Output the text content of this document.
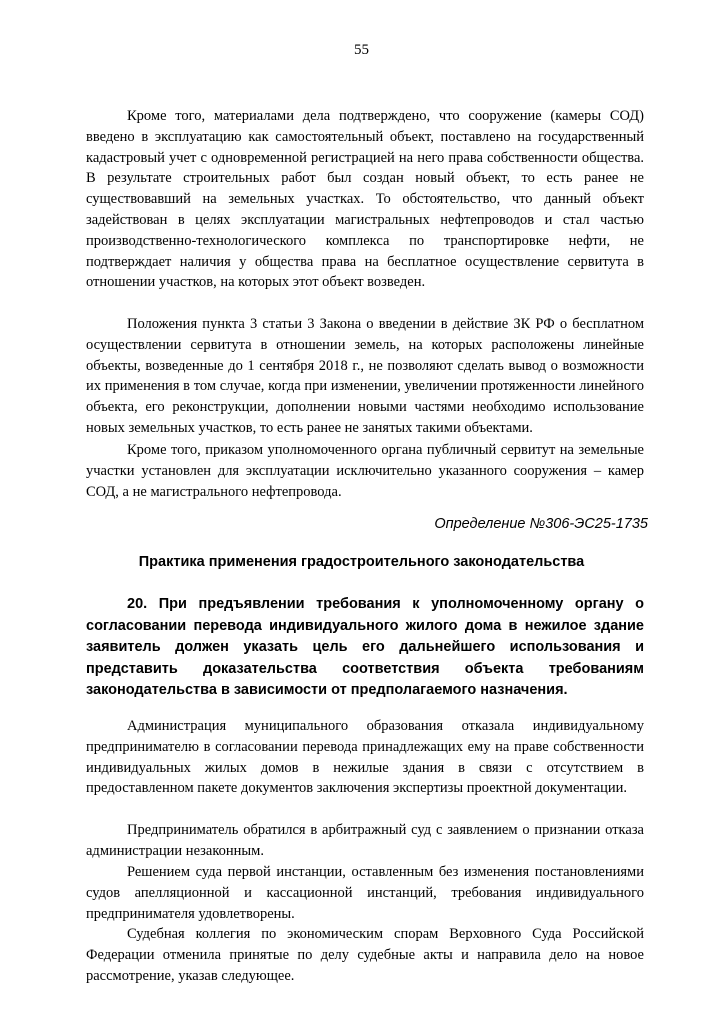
55

Кроме того, материалами дела подтверждено, что сооружение (камеры СОД) введено в эксплуатацию как самостоятельный объект, поставлено на государственный кадастровый учет с одновременной регистрацией на него права собственности общества. В результате строительных работ был создан новый объект, то есть ранее не существовавший на земельных участках. То обстоятельство, что данный объект задействован в целях эксплуатации магистральных нефтепроводов и стал частью производственно-технологического комплекса по транспортировке нефти, не подтверждает наличия у общества права на бесплатное осуществление сервитута в отношении участков, на которых этот объект возведен.

Положения пункта 3 статьи 3 Закона о введении в действие ЗК РФ о бесплатном осуществлении сервитута в отношении земель, на которых расположены линейные объекты, возведенные до 1 сентября 2018 г., не позволяют сделать вывод о возможности их применения в том случае, когда при изменении, увеличении протяженности линейного объекта, его реконструкции, дополнении новыми частями необходимо использование новых земельных участков, то есть ранее не занятых такими объектами.

Кроме того, приказом уполномоченного органа публичный сервитут на земельные участки установлен для эксплуатации исключительно указанного сооружения – камер СОД, а не магистрального нефтепровода.

Определение №306-ЭС25-1735
Практика применения градостроительного законодательства

20. При предъявлении требования к уполномоченному органу о согласовании перевода индивидуального жилого дома в нежилое здание заявитель должен указать цель его дальнейшего использования и представить доказательства соответствия объекта требованиям законодательства в зависимости от предполагаемого назначения.

Администрация муниципального образования отказала индивидуальному предпринимателю в согласовании перевода принадлежащих ему на праве собственности индивидуальных жилых домов в нежилые здания в связи с отсутствием в предоставленном пакете документов заключения экспертизы проектной документации.

Предприниматель обратился в арбитражный суд с заявлением о признании отказа администрации незаконным.

Решением суда первой инстанции, оставленным без изменения постановлениями судов апелляционной и кассационной инстанций, требования индивидуального предпринимателя удовлетворены.

Судебная коллегия по экономическим спорам Верховного Суда Российской Федерации отменила принятые по делу судебные акты и направила дело на новое рассмотрение, указав следующее.
